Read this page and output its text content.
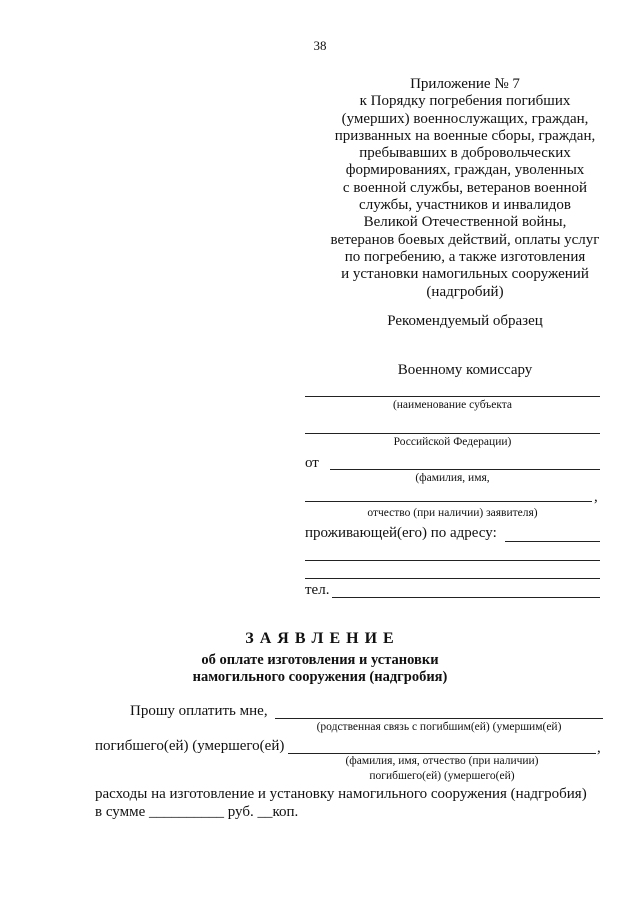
38
Приложение № 7
к Порядку погребения погибших
(умерших) военнослужащих, граждан,
призванных на военные сборы, граждан,
пребывавших в добровольческих
формированиях, граждан, уволенных
с военной службы, ветеранов военной
службы, участников и инвалидов
Великой Отечественной войны,
ветеранов боевых действий, оплаты услуг
по погребению, а также изготовления
и установки намогильных сооружений
(надгробий)
Рекомендуемый образец
Военному комиссару
(наименование субъекта
Российской Федерации)
от
(фамилия, имя,
,
отчество (при наличии) заявителя)
проживающей(его) по адресу:
тел.
З А Я В Л Е Н И Е
об оплате изготовления и установки
намогильного сооружения (надгробия)
Прошу оплатить мне,
(родственная связь с погибшим(ей) (умершим(ей)
погибшего(ей) (умершего(ей)	,
(фамилия, имя, отчество (при наличии)
погибшего(ей) (умершего(ей)
расходы на изготовление и установку намогильного сооружения (надгробия)
в сумме __________ руб. __коп.
